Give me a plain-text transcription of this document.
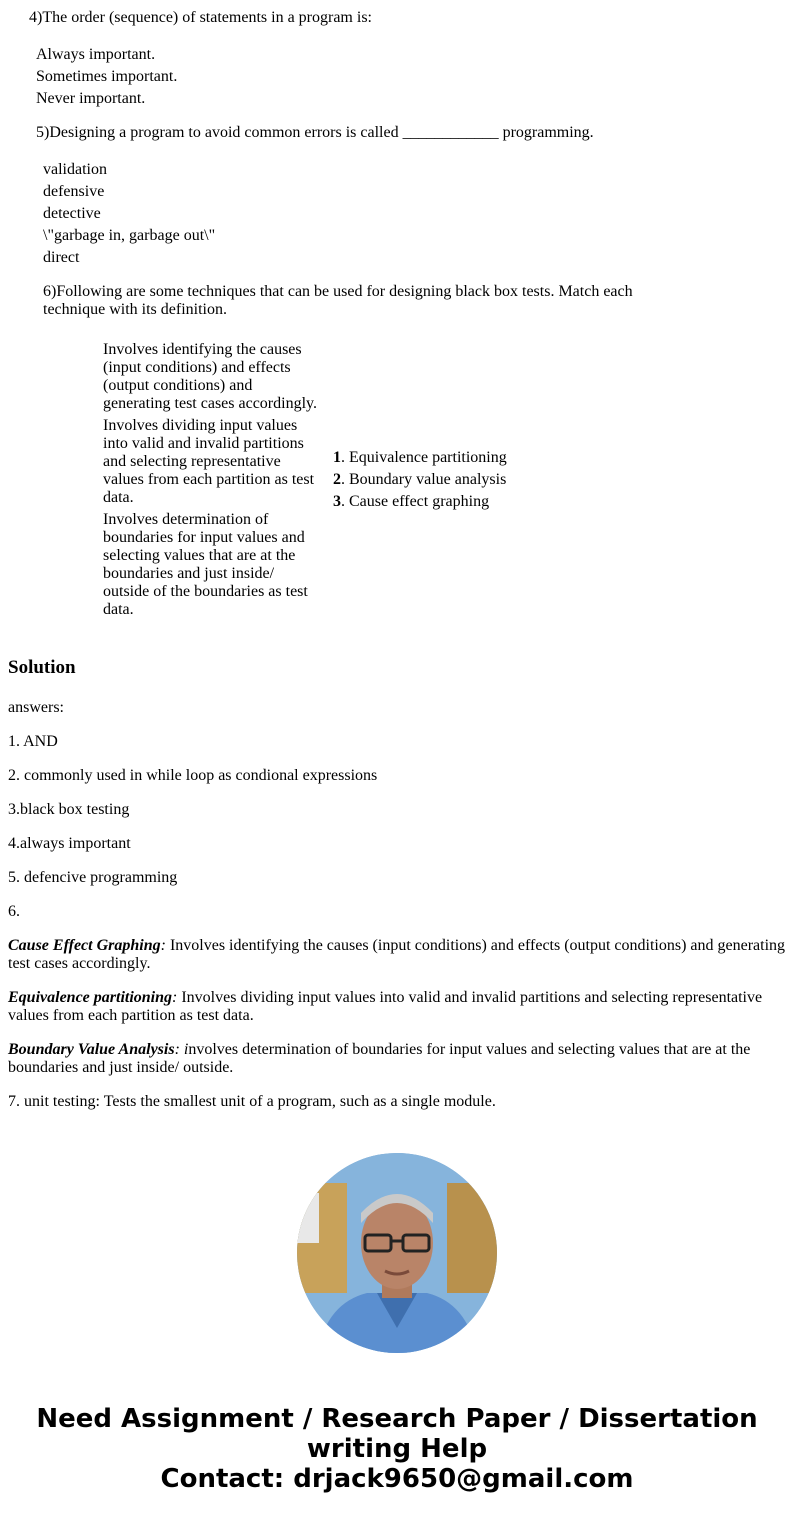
4)The order (sequence) of statements in a program is:
Always important.
Sometimes important.
Never important.
5)Designing a program to avoid common errors is called ____________ programming.
validation
defensive
detective
\"garbage in, garbage out\"
direct
6)Following are some techniques that can be used for designing black box tests. Match each technique with its definition.
Involves identifying the causes (input conditions) and effects (output conditions) and generating test cases accordingly.
Involves dividing input values into valid and invalid partitions and selecting representative values from each partition as test data.
Involves determination of boundaries for input values and selecting values that are at the boundaries and just inside/ outside of the boundaries as test data.
1. Equivalence partitioning
2. Boundary value analysis
3. Cause effect graphing
Solution
answers:
1. AND
2. commonly used in while loop as condional expressions
3.black box testing
4.always important
5. defencive programming
6.
Cause Effect Graphing: Involves identifying the causes (input conditions) and effects (output conditions) and generating test cases accordingly.
Equivalence partitioning: Involves dividing input values into valid and invalid partitions and selecting representative values from each partition as test data.
Boundary Value Analysis: involves determination of boundaries for input values and selecting values that are at the boundaries and just inside/ outside.
7. unit testing: Tests the smallest unit of a program, such as a single module.
Need Assignment / Research Paper / Dissertation
writing Help
Contact: drjack9650@gmail.com
